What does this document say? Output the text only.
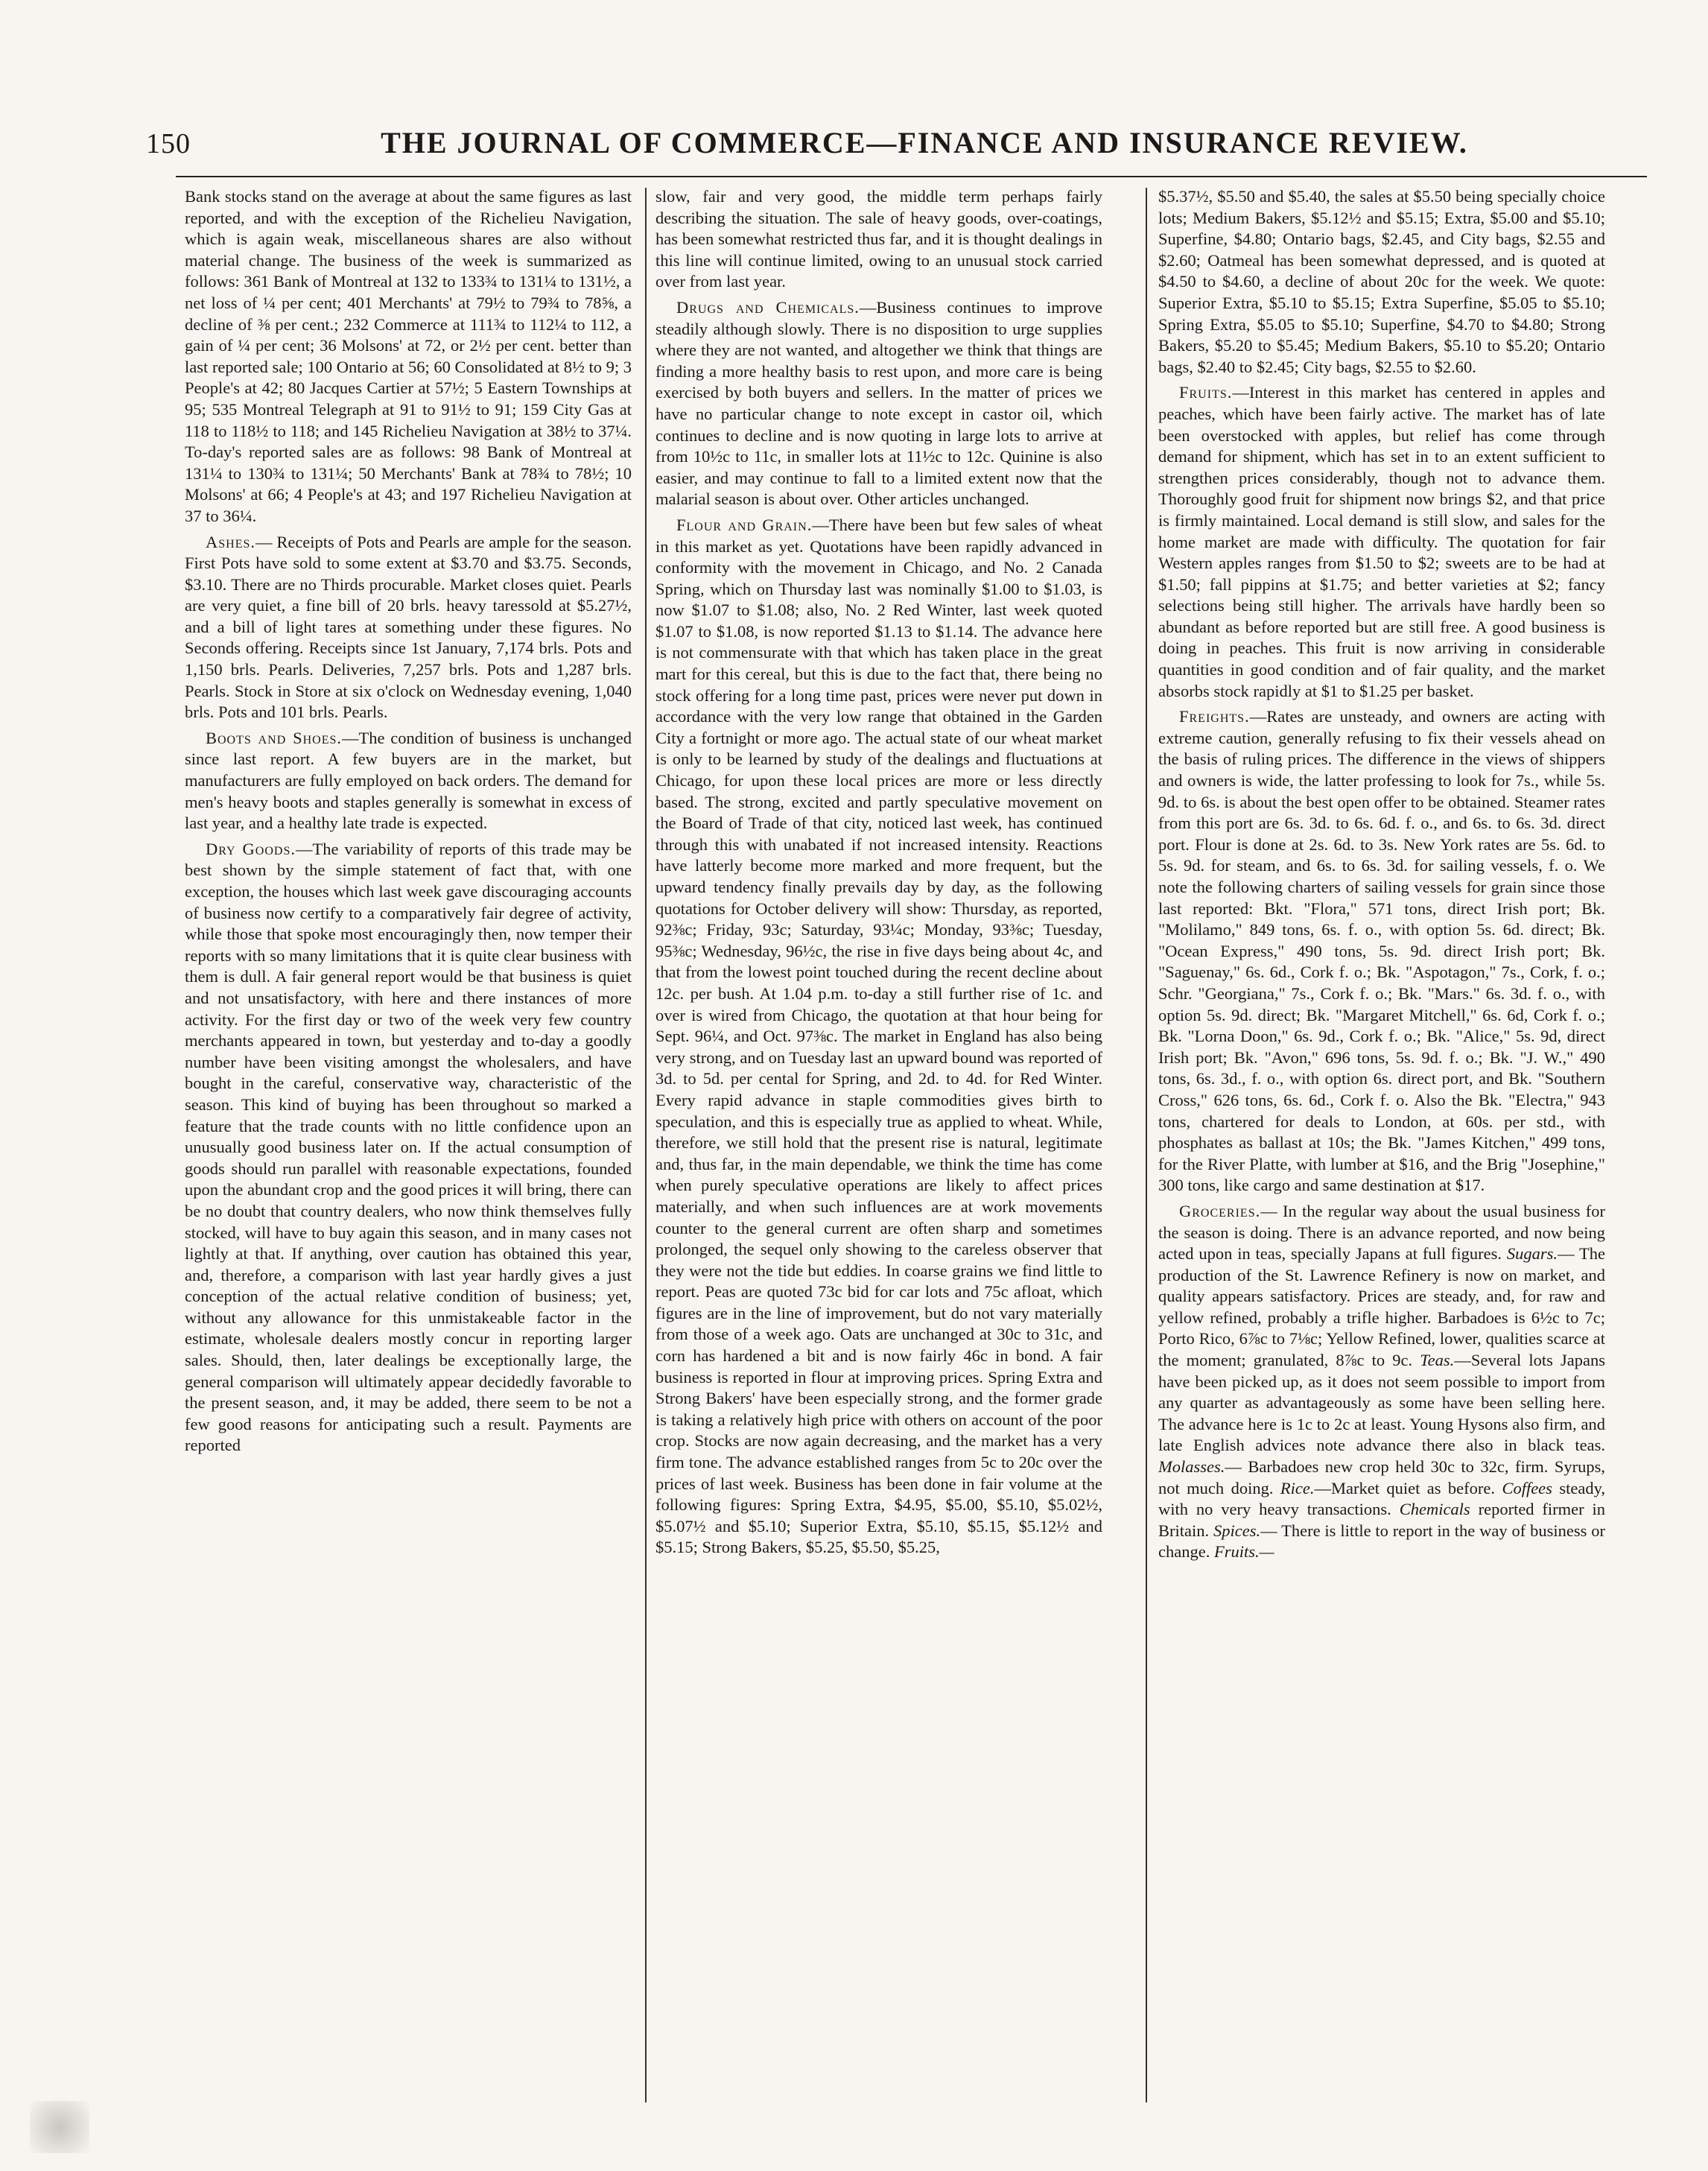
150	THE JOURNAL OF COMMERCE—FINANCE AND INSURANCE REVIEW.

Bank stocks stand on the average at about the same figures as last reported, and with the exception of the Richelieu Navigation, which is again weak, miscellaneous shares are also without material change. The business of the week is summarized as follows: 361 Bank of Montreal at 132 to 133¾ to 131¼ to 131½, a net loss of ¼ per cent; 401 Merchants' at 79½ to 79¾ to 78⅝, a decline of ⅜ per cent.; 232 Commerce at 111¾ to 112¼ to 112, a gain of ¼ per cent; 36 Molsons' at 72, or 2½ per cent. better than last reported sale; 100 Ontario at 56; 60 Consolidated at 8½ to 9; 3 People's at 42; 80 Jacques Cartier at 57½; 5 Eastern Townships at 95; 535 Montreal Telegraph at 91 to 91½ to 91; 159 City Gas at 118 to 118½ to 118; and 145 Richelieu Navigation at 38½ to 37¼. To-day's reported sales are as follows: 98 Bank of Montreal at 131¼ to 130¾ to 131¼; 50 Merchants' Bank at 78¾ to 78½; 10 Molsons' at 66; 4 People's at 43; and 197 Richelieu Navigation at 37 to 36¼.

Ashes.— Receipts of Pots and Pearls are ample for the season. First Pots have sold to some extent at $3.70 and $3.75. Seconds, $3.10. There are no Thirds procurable. Market closes quiet. Pearls are very quiet, a fine bill of 20 brls. heavy taressold at $5.27½, and a bill of light tares at something under these figures. No Seconds offering. Receipts since 1st January, 7,174 brls. Pots and 1,150 brls. Pearls. Deliveries, 7,257 brls. Pots and 1,287 brls. Pearls. Stock in Store at six o'clock on Wednesday evening, 1,040 brls. Pots and 101 brls. Pearls.

Boots and Shoes.—The condition of business is unchanged since last report. A few buyers are in the market, but manufacturers are fully employed on back orders. The demand for men's heavy boots and staples generally is somewhat in excess of last year, and a healthy late trade is expected.

Dry Goods.—The variability of reports of this trade may be best shown by the simple statement of fact that, with one exception, the houses which last week gave discouraging accounts of business now certify to a comparatively fair degree of activity, while those that spoke most encouragingly then, now temper their reports with so many limitations that it is quite clear business with them is dull. A fair general report would be that business is quiet and not unsatisfactory, with here and there instances of more activity. For the first day or two of the week very few country merchants appeared in town, but yesterday and to-day a goodly number have been visiting amongst the wholesalers, and have bought in the careful, conservative way, characteristic of the season. This kind of buying has been throughout so marked a feature that the trade counts with no little confidence upon an unusually good business later on. If the actual consumption of goods should run parallel with reasonable expectations, founded upon the abundant crop and the good prices it will bring, there can be no doubt that country dealers, who now think themselves fully stocked, will have to buy again this season, and in many cases not lightly at that. If anything, over caution has obtained this year, and, therefore, a comparison with last year hardly gives a just conception of the actual relative condition of business; yet, without any allowance for this unmistakeable factor in the estimate, wholesale dealers mostly concur in reporting larger sales. Should, then, later dealings be exceptionally large, the general comparison will ultimately appear decidedly favorable to the present season, and, it may be added, there seem to be not a few good reasons for anticipating such a result. Payments are reported

slow, fair and very good, the middle term perhaps fairly describing the situation. The sale of heavy goods, over-coatings, has been somewhat restricted thus far, and it is thought dealings in this line will continue limited, owing to an unusual stock carried over from last year.

Drugs and Chemicals.—Business continues to improve steadily although slowly. There is no disposition to urge supplies where they are not wanted, and altogether we think that things are finding a more healthy basis to rest upon, and more care is being exercised by both buyers and sellers. In the matter of prices we have no particular change to note except in castor oil, which continues to decline and is now quoting in large lots to arrive at from 10½c to 11c, in smaller lots at 11½c to 12c. Quinine is also easier, and may continue to fall to a limited extent now that the malarial season is about over. Other articles unchanged.

Flour and Grain.—There have been but few sales of wheat in this market as yet. Quotations have been rapidly advanced in conformity with the movement in Chicago, and No. 2 Canada Spring, which on Thursday last was nominally $1.00 to $1.03, is now $1.07 to $1.08; also, No. 2 Red Winter, last week quoted $1.07 to $1.08, is now reported $1.13 to $1.14. The advance here is not commensurate with that which has taken place in the great mart for this cereal, but this is due to the fact that, there being no stock offering for a long time past, prices were never put down in accordance with the very low range that obtained in the Garden City a fortnight or more ago. The actual state of our wheat market is only to be learned by study of the dealings and fluctuations at Chicago, for upon these local prices are more or less directly based. The strong, excited and partly speculative movement on the Board of Trade of that city, noticed last week, has continued through this with unabated if not increased intensity. Reactions have latterly become more marked and more frequent, but the upward tendency finally prevails day by day, as the following quotations for October delivery will show: Thursday, as reported, 92⅜c; Friday, 93c; Saturday, 93¼c; Monday, 93⅜c; Tuesday, 95⅜c; Wednesday, 96½c, the rise in five days being about 4c, and that from the lowest point touched during the recent decline about 12c. per bush. At 1.04 p.m. to-day a still further rise of 1c. and over is wired from Chicago, the quotation at that hour being for Sept. 96¼, and Oct. 97⅜c. The market in England has also being very strong, and on Tuesday last an upward bound was reported of 3d. to 5d. per cental for Spring, and 2d. to 4d. for Red Winter. Every rapid advance in staple commodities gives birth to speculation, and this is especially true as applied to wheat. While, therefore, we still hold that the present rise is natural, legitimate and, thus far, in the main dependable, we think the time has come when purely speculative operations are likely to affect prices materially, and when such influences are at work movements counter to the general current are often sharp and sometimes prolonged, the sequel only showing to the careless observer that they were not the tide but eddies. In coarse grains we find little to report. Peas are quoted 73c bid for car lots and 75c afloat, which figures are in the line of improvement, but do not vary materially from those of a week ago. Oats are unchanged at 30c to 31c, and corn has hardened a bit and is now fairly 46c in bond. A fair business is reported in flour at improving prices. Spring Extra and Strong Bakers' have been especially strong, and the former grade is taking a relatively high price with others on account of the poor crop. Stocks are now again decreasing, and the market has a very firm tone. The advance established ranges from 5c to 20c over the prices of last week. Business has been done in fair volume at the following figures: Spring Extra, $4.95, $5.00, $5.10, $5.02½, $5.07½ and $5.10; Superior Extra, $5.10, $5.15, $5.12½ and $5.15; Strong Bakers, $5.25, $5.50, $5.25,

$5.37½, $5.50 and $5.40, the sales at $5.50 being specially choice lots; Medium Bakers, $5.12½ and $5.15; Extra, $5.00 and $5.10; Superfine, $4.80; Ontario bags, $2.45, and City bags, $2.55 and $2.60; Oatmeal has been somewhat depressed, and is quoted at $4.50 to $4.60, a decline of about 20c for the week. We quote: Superior Extra, $5.10 to $5.15; Extra Superfine, $5.05 to $5.10; Spring Extra, $5.05 to $5.10; Superfine, $4.70 to $4.80; Strong Bakers, $5.20 to $5.45; Medium Bakers, $5.10 to $5.20; Ontario bags, $2.40 to $2.45; City bags, $2.55 to $2.60.

Fruits.—Interest in this market has centered in apples and peaches, which have been fairly active. The market has of late been overstocked with apples, but relief has come through demand for shipment, which has set in to an extent sufficient to strengthen prices considerably, though not to advance them. Thoroughly good fruit for shipment now brings $2, and that price is firmly maintained. Local demand is still slow, and sales for the home market are made with difficulty. The quotation for fair Western apples ranges from $1.50 to $2; sweets are to be had at $1.50; fall pippins at $1.75; and better varieties at $2; fancy selections being still higher. The arrivals have hardly been so abundant as before reported but are still free. A good business is doing in peaches. This fruit is now arriving in considerable quantities in good condition and of fair quality, and the market absorbs stock rapidly at $1 to $1.25 per basket.

Freights.—Rates are unsteady, and owners are acting with extreme caution, generally refusing to fix their vessels ahead on the basis of ruling prices. The difference in the views of shippers and owners is wide, the latter professing to look for 7s., while 5s. 9d. to 6s. is about the best open offer to be obtained. Steamer rates from this port are 6s. 3d. to 6s. 6d. f. o., and 6s. to 6s. 3d. direct port. Flour is done at 2s. 6d. to 3s. New York rates are 5s. 6d. to 5s. 9d. for steam, and 6s. to 6s. 3d. for sailing vessels, f. o. We note the following charters of sailing vessels for grain since those last reported: Bkt. "Flora," 571 tons, direct Irish port; Bk. "Molilamo," 849 tons, 6s. f. o., with option 5s. 6d. direct; Bk. "Ocean Express," 490 tons, 5s. 9d. direct Irish port; Bk. "Saguenay," 6s. 6d., Cork f. o.; Bk. "Aspotagon," 7s., Cork, f. o.; Schr. "Georgiana," 7s., Cork f. o.; Bk. "Mars." 6s. 3d. f. o., with option 5s. 9d. direct; Bk. "Margaret Mitchell," 6s. 6d, Cork f. o.; Bk. "Lorna Doon," 6s. 9d., Cork f. o.; Bk. "Alice," 5s. 9d, direct Irish port; Bk. "Avon," 696 tons, 5s. 9d. f. o.; Bk. "J. W.," 490 tons, 6s. 3d., f. o., with option 6s. direct port, and Bk. "Southern Cross," 626 tons, 6s. 6d., Cork f. o. Also the Bk. "Electra," 943 tons, chartered for deals to London, at 60s. per std., with phosphates as ballast at 10s; the Bk. "James Kitchen," 499 tons, for the River Platte, with lumber at $16, and the Brig "Josephine," 300 tons, like cargo and same destination at $17.

Groceries.— In the regular way about the usual business for the season is doing. There is an advance reported, and now being acted upon in teas, specially Japans at full figures. Sugars.— The production of the St. Lawrence Refinery is now on market, and quality appears satisfactory. Prices are steady, and, for raw and yellow refined, probably a trifle higher. Barbadoes is 6½c to 7c; Porto Rico, 6⅞c to 7⅛c; Yellow Refined, lower, qualities scarce at the moment; granulated, 8⅞c to 9c. Teas.—Several lots Japans have been picked up, as it does not seem possible to import from any quarter as advantageously as some have been selling here. The advance here is 1c to 2c at least. Young Hysons also firm, and late English advices note advance there also in black teas. Molasses.— Barbadoes new crop held 30c to 32c, firm. Syrups, not much doing. Rice.—Market quiet as before. Coffees steady, with no very heavy transactions. Chemicals reported firmer in Britain. Spices.— There is little to report in the way of business or change. Fruits.—
